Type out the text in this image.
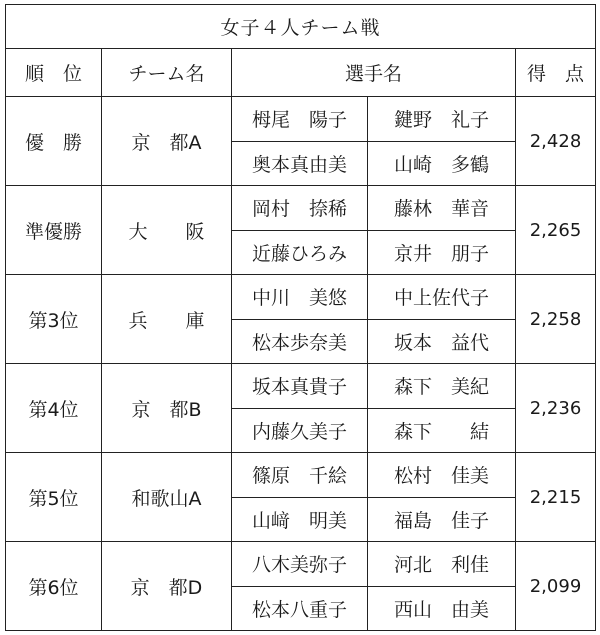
女子４人チーム戦				
順　位	チーム名	選手名		得　点
優　勝	京　都A	栂尾　陽子	鍵野　礼子	2,428
		奥本真由美	山崎　多鶴	
準優勝	大　　阪	岡村　捺稀	藤林　華音	2,265
		近藤ひろみ	京井　朋子	
第3位	兵　　庫	中川　美悠	中上佐代子	2,258
		松本歩奈美	坂本　益代	
第4位	京　都B	坂本真貴子	森下　美紀	2,236
		内藤久美子	森下　　結	
第5位	和歌山A	篠原　千絵	松村　佳美	2,215
		山﨑　明美	福島　佳子	
第6位	京　都D	八木美弥子	河北　利佳	2,099
		松本八重子	西山　由美	
